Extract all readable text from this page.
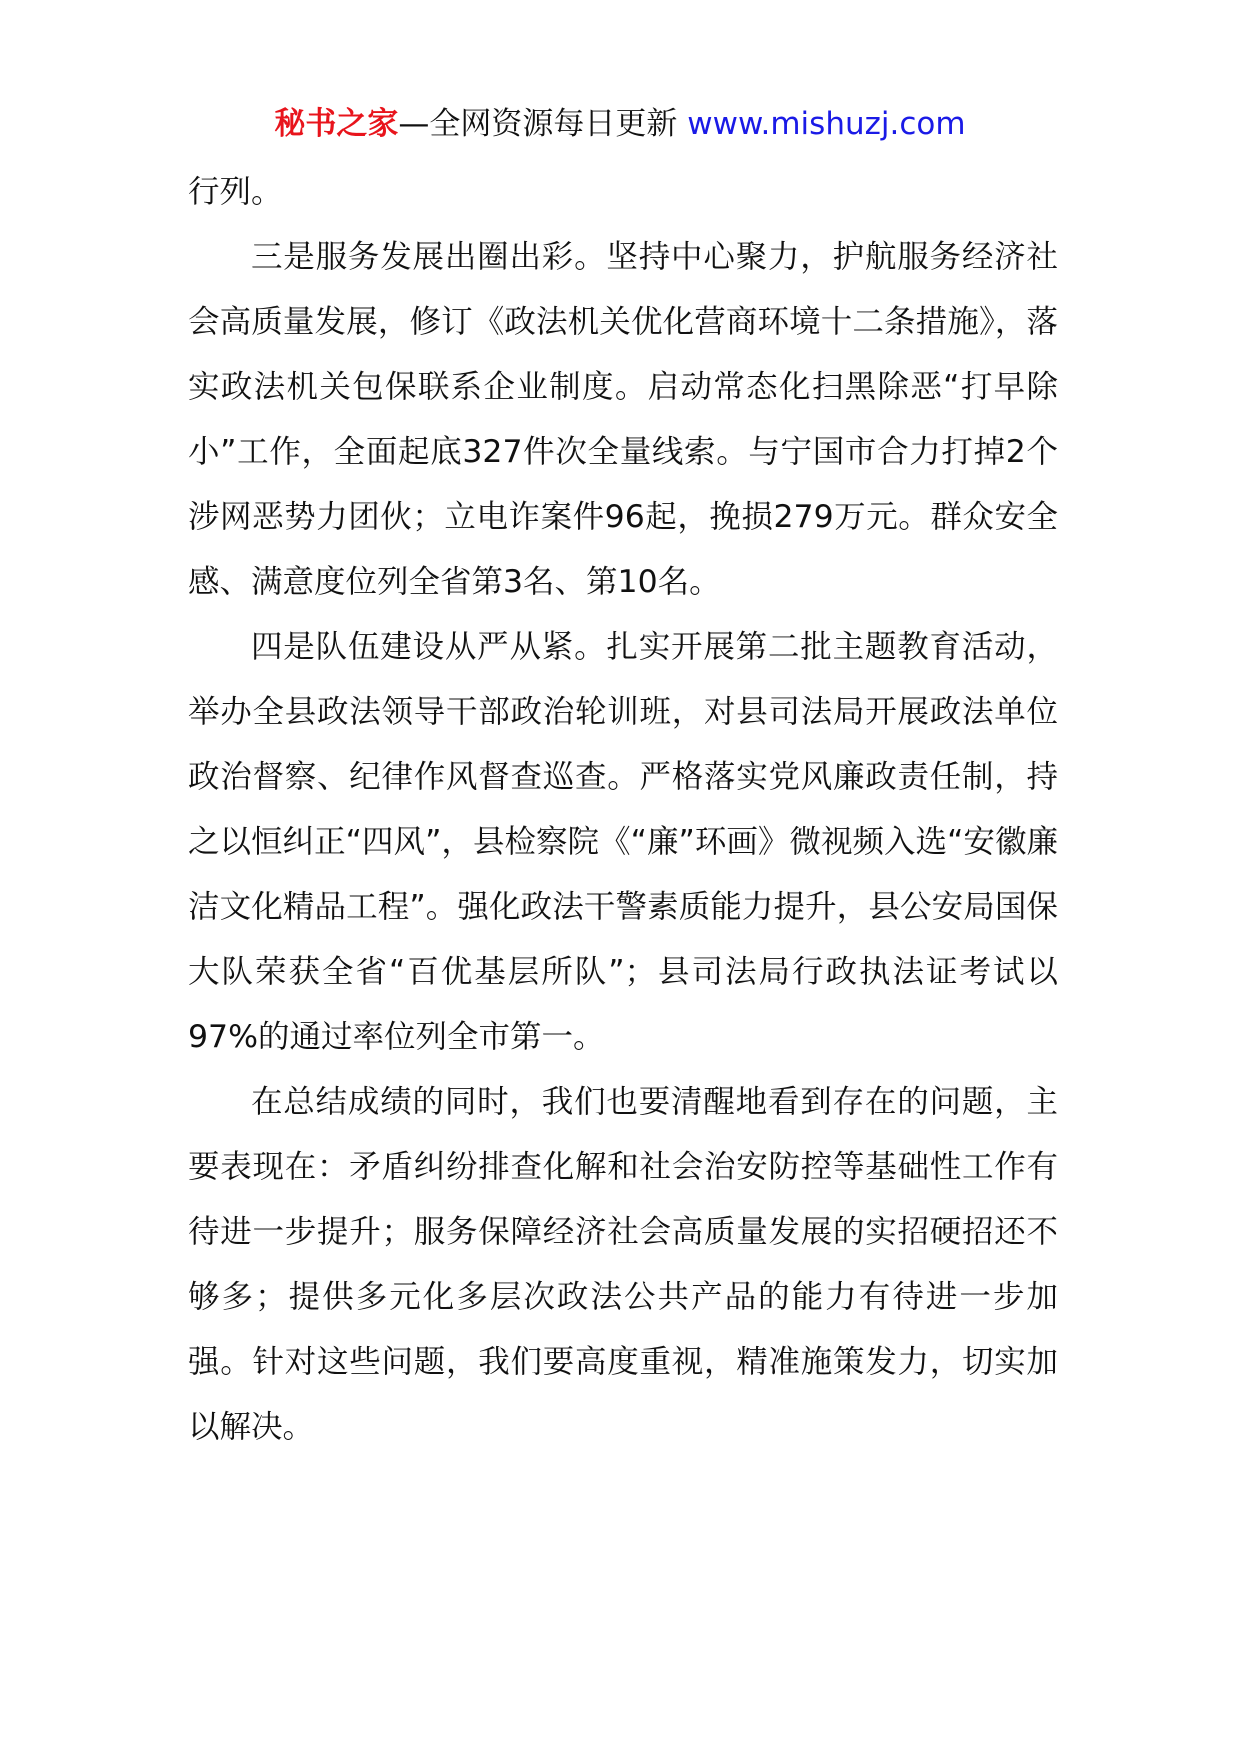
秘书之家—全网资源每日更新 www.mishuzj.com

行列。

三是服务发展出圈出彩。坚持中心聚力，护航服务经济社会高质量发展，修订《政法机关优化营商环境十二条措施》，落实政法机关包保联系企业制度。启动常态化扫黑除恶“打早除小”工作，全面起底327件次全量线索。与宁国市合力打掉2个涉网恶势力团伙；立电诈案件96起，挽损279万元。群众安全感、满意度位列全省第3名、第10名。

四是队伍建设从严从紧。扎实开展第二批主题教育活动，举办全县政法领导干部政治轮训班，对县司法局开展政法单位政治督察、纪律作风督查巡查。严格落实党风廉政责任制，持之以恒纠正“四风”，县检察院《“廉”环画》微视频入选“安徽廉洁文化精品工程”。强化政法干警素质能力提升，县公安局国保大队荣获全省“百优基层所队”；县司法局行政执法证考试以97%的通过率位列全市第一。

在总结成绩的同时，我们也要清醒地看到存在的问题，主要表现在：矛盾纠纷排查化解和社会治安防控等基础性工作有待进一步提升；服务保障经济社会高质量发展的实招硬招还不够多；提供多元化多层次政法公共产品的能力有待进一步加强。针对这些问题，我们要高度重视，精准施策发力，切实加以解决。
